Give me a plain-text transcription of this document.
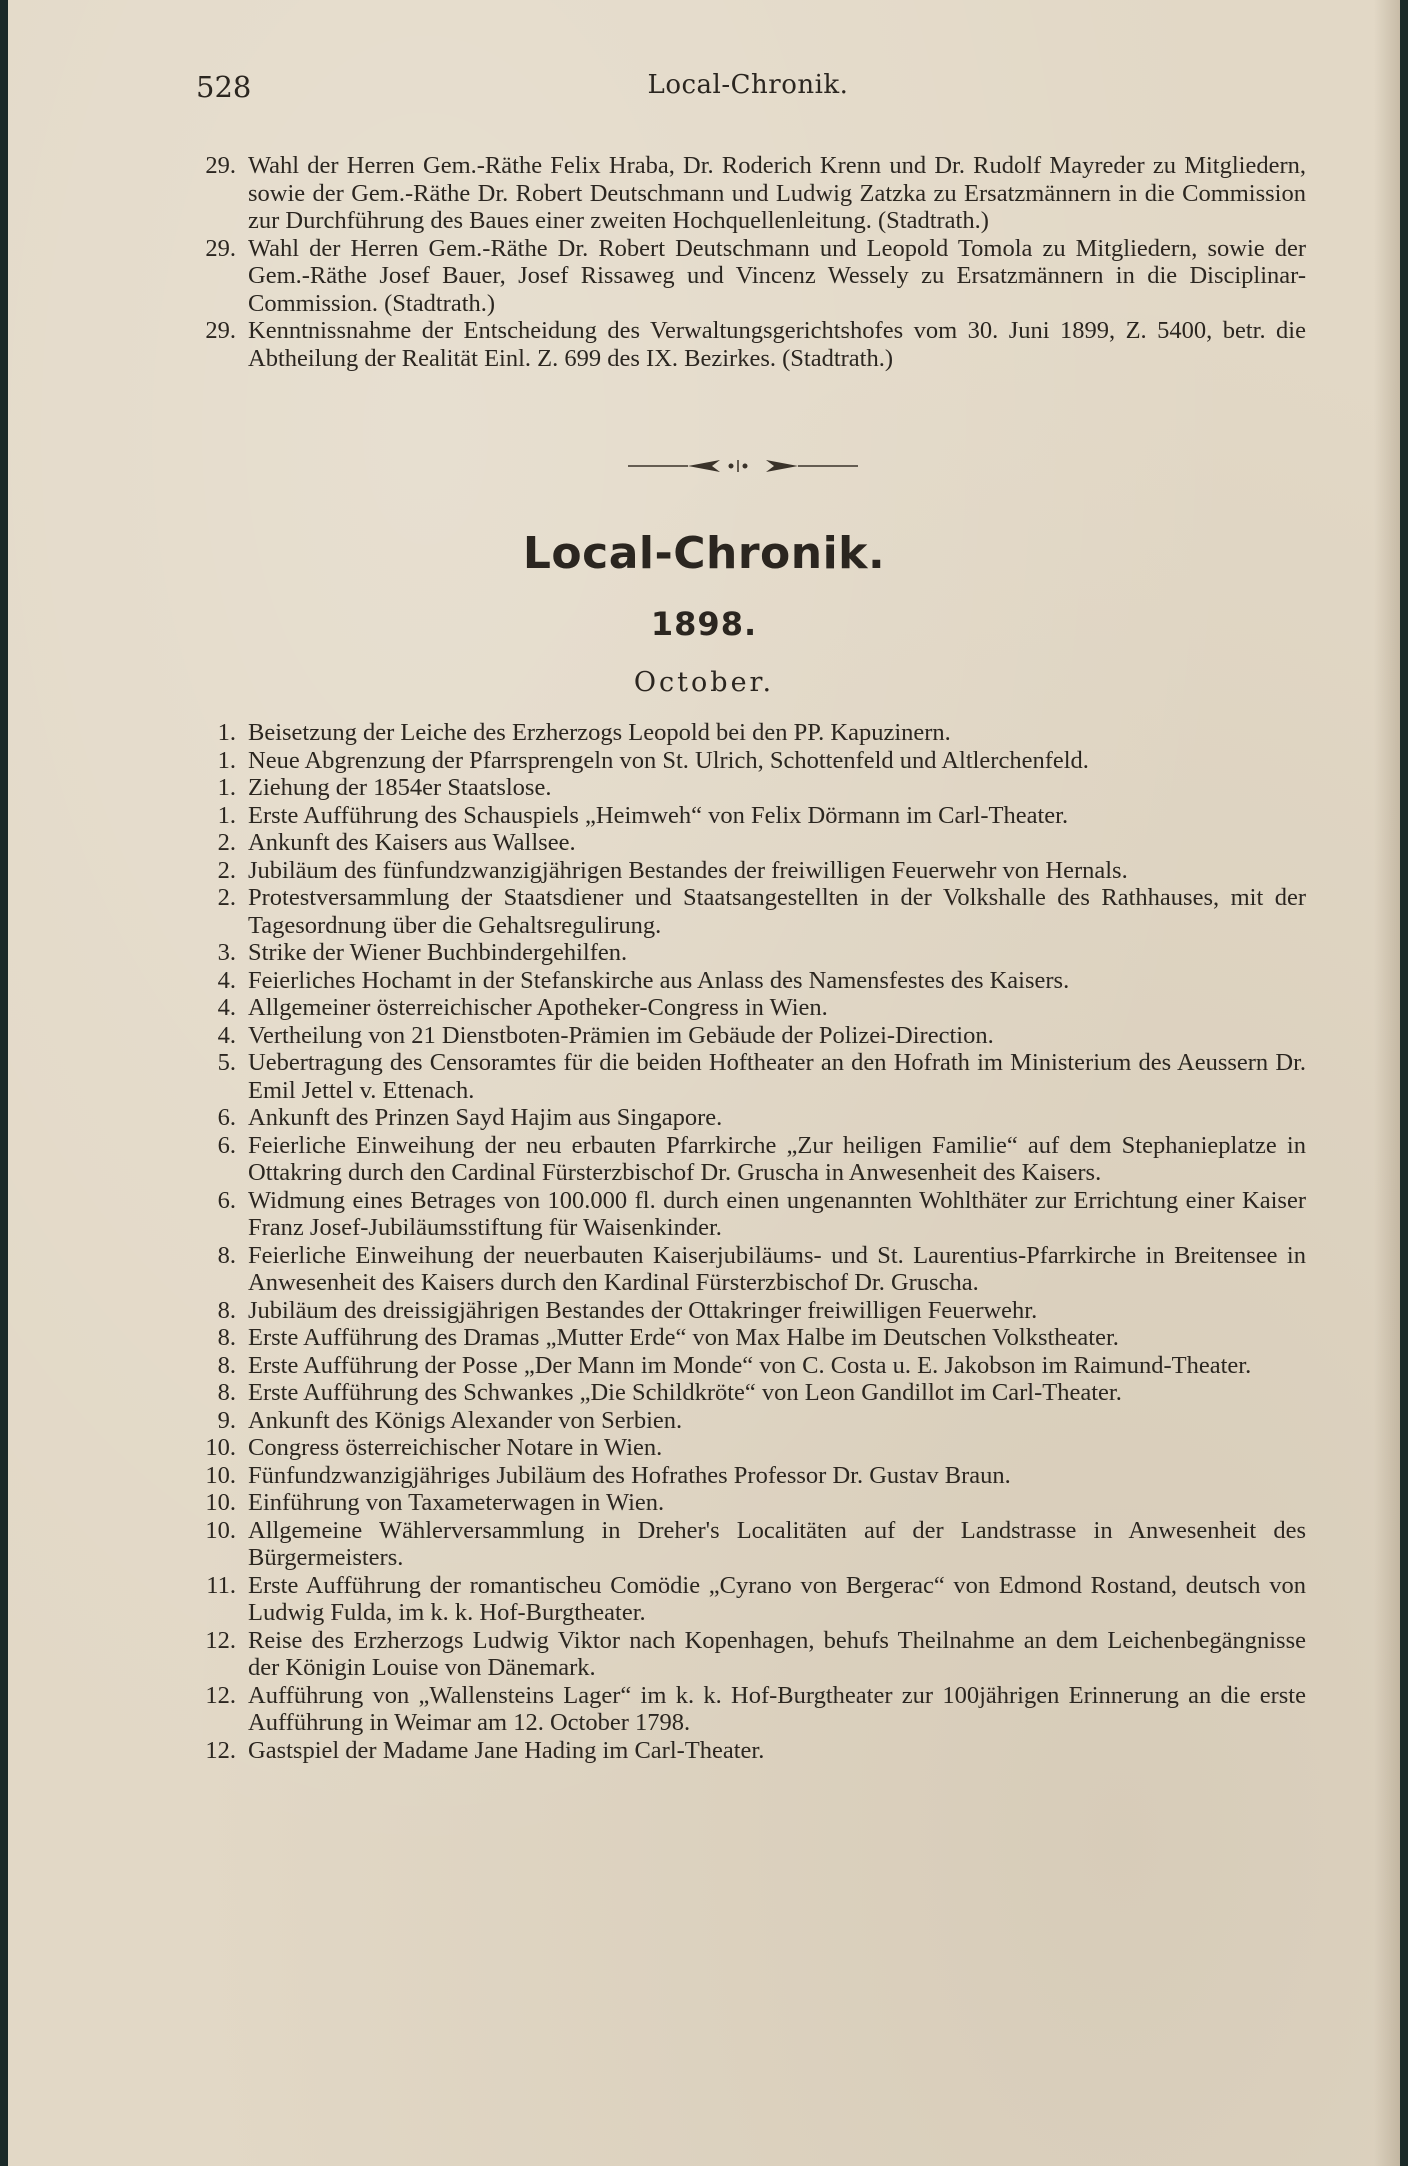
528	Local-Chronik.
29. Wahl der Herren Gem.-Räthe Felix Hraba, Dr. Roderich Krenn und Dr. Rudolf Mayreder zu Mitgliedern, sowie der Gem.-Räthe Dr. Robert Deutschmann und Ludwig Zatzka zu Ersatzmännern in die Commission zur Durchführung des Baues einer zweiten Hochquellenleitung. (Stadtrath.)
29. Wahl der Herren Gem.-Räthe Dr. Robert Deutschmann und Leopold Tomola zu Mitgliedern, sowie der Gem.-Räthe Josef Bauer, Josef Rissaweg und Vincenz Wessely zu Ersatzmännern in die Disciplinar-Commission. (Stadtrath.)
29. Kenntnissnahme der Entscheidung des Verwaltungsgerichtshofes vom 30. Juni 1899, Z. 5400, betr. die Abtheilung der Realität Einl. Z. 699 des IX. Bezirkes. (Stadtrath.)
Local-Chronik.
1898.
October.
1. Beisetzung der Leiche des Erzherzogs Leopold bei den PP. Kapuzinern.
1. Neue Abgrenzung der Pfarrsprengeln von St. Ulrich, Schottenfeld und Altlerchenfeld.
1. Ziehung der 1854er Staatslose.
1. Erste Aufführung des Schauspiels „Heimweh“ von Felix Dörmann im Carl-Theater.
2. Ankunft des Kaisers aus Wallsee.
2. Jubiläum des fünfundzwanzigjährigen Bestandes der freiwilligen Feuerwehr von Hernals.
2. Protestversammlung der Staatsdiener und Staatsangestellten in der Volkshalle des Rathhauses, mit der Tagesordnung über die Gehaltsregulirung.
3. Strike der Wiener Buchbindergehilfen.
4. Feierliches Hochamt in der Stefanskirche aus Anlass des Namensfestes des Kaisers.
4. Allgemeiner österreichischer Apotheker-Congress in Wien.
4. Vertheilung von 21 Dienstboten-Prämien im Gebäude der Polizei-Direction.
5. Uebertragung des Censoramtes für die beiden Hoftheater an den Hofrath im Ministerium des Aeussern Dr. Emil Jettel v. Ettenach.
6. Ankunft des Prinzen Sayd Hajim aus Singapore.
6. Feierliche Einweihung der neu erbauten Pfarrkirche „Zur heiligen Familie“ auf dem Stephanieplatze in Ottakring durch den Cardinal Fürsterzbischof Dr. Gruscha in Anwesenheit des Kaisers.
6. Widmung eines Betrages von 100.000 fl. durch einen ungenannten Wohlthäter zur Errichtung einer Kaiser Franz Josef-Jubiläumsstiftung für Waisenkinder.
8. Feierliche Einweihung der neuerbauten Kaiserjubiläums- und St. Laurentius-Pfarrkirche in Breitensee in Anwesenheit des Kaisers durch den Kardinal Fürsterzbischof Dr. Gruscha.
8. Jubiläum des dreissigjährigen Bestandes der Ottakringer freiwilligen Feuerwehr.
8. Erste Aufführung des Dramas „Mutter Erde“ von Max Halbe im Deutschen Volkstheater.
8. Erste Aufführung der Posse „Der Mann im Monde“ von C. Costa u. E. Jakobson im Raimund-Theater.
8. Erste Aufführung des Schwankes „Die Schildkröte“ von Leon Gandillot im Carl-Theater.
9. Ankunft des Königs Alexander von Serbien.
10. Congress österreichischer Notare in Wien.
10. Fünfundzwanzigjähriges Jubiläum des Hofrathes Professor Dr. Gustav Braun.
10. Einführung von Taxameterwagen in Wien.
10. Allgemeine Wählerversammlung in Dreher's Localitäten auf der Landstrasse in Anwesenheit des Bürgermeisters.
11. Erste Aufführung der romantischeu Comödie „Cyrano von Bergerac“ von Edmond Rostand, deutsch von Ludwig Fulda, im k. k. Hof-Burgtheater.
12. Reise des Erzherzogs Ludwig Viktor nach Kopenhagen, behufs Theilnahme an dem Leichenbegängnisse der Königin Louise von Dänemark.
12. Aufführung von „Wallensteins Lager“ im k. k. Hof-Burgtheater zur 100jährigen Erinnerung an die erste Aufführung in Weimar am 12. October 1798.
12. Gastspiel der Madame Jane Hading im Carl-Theater.
